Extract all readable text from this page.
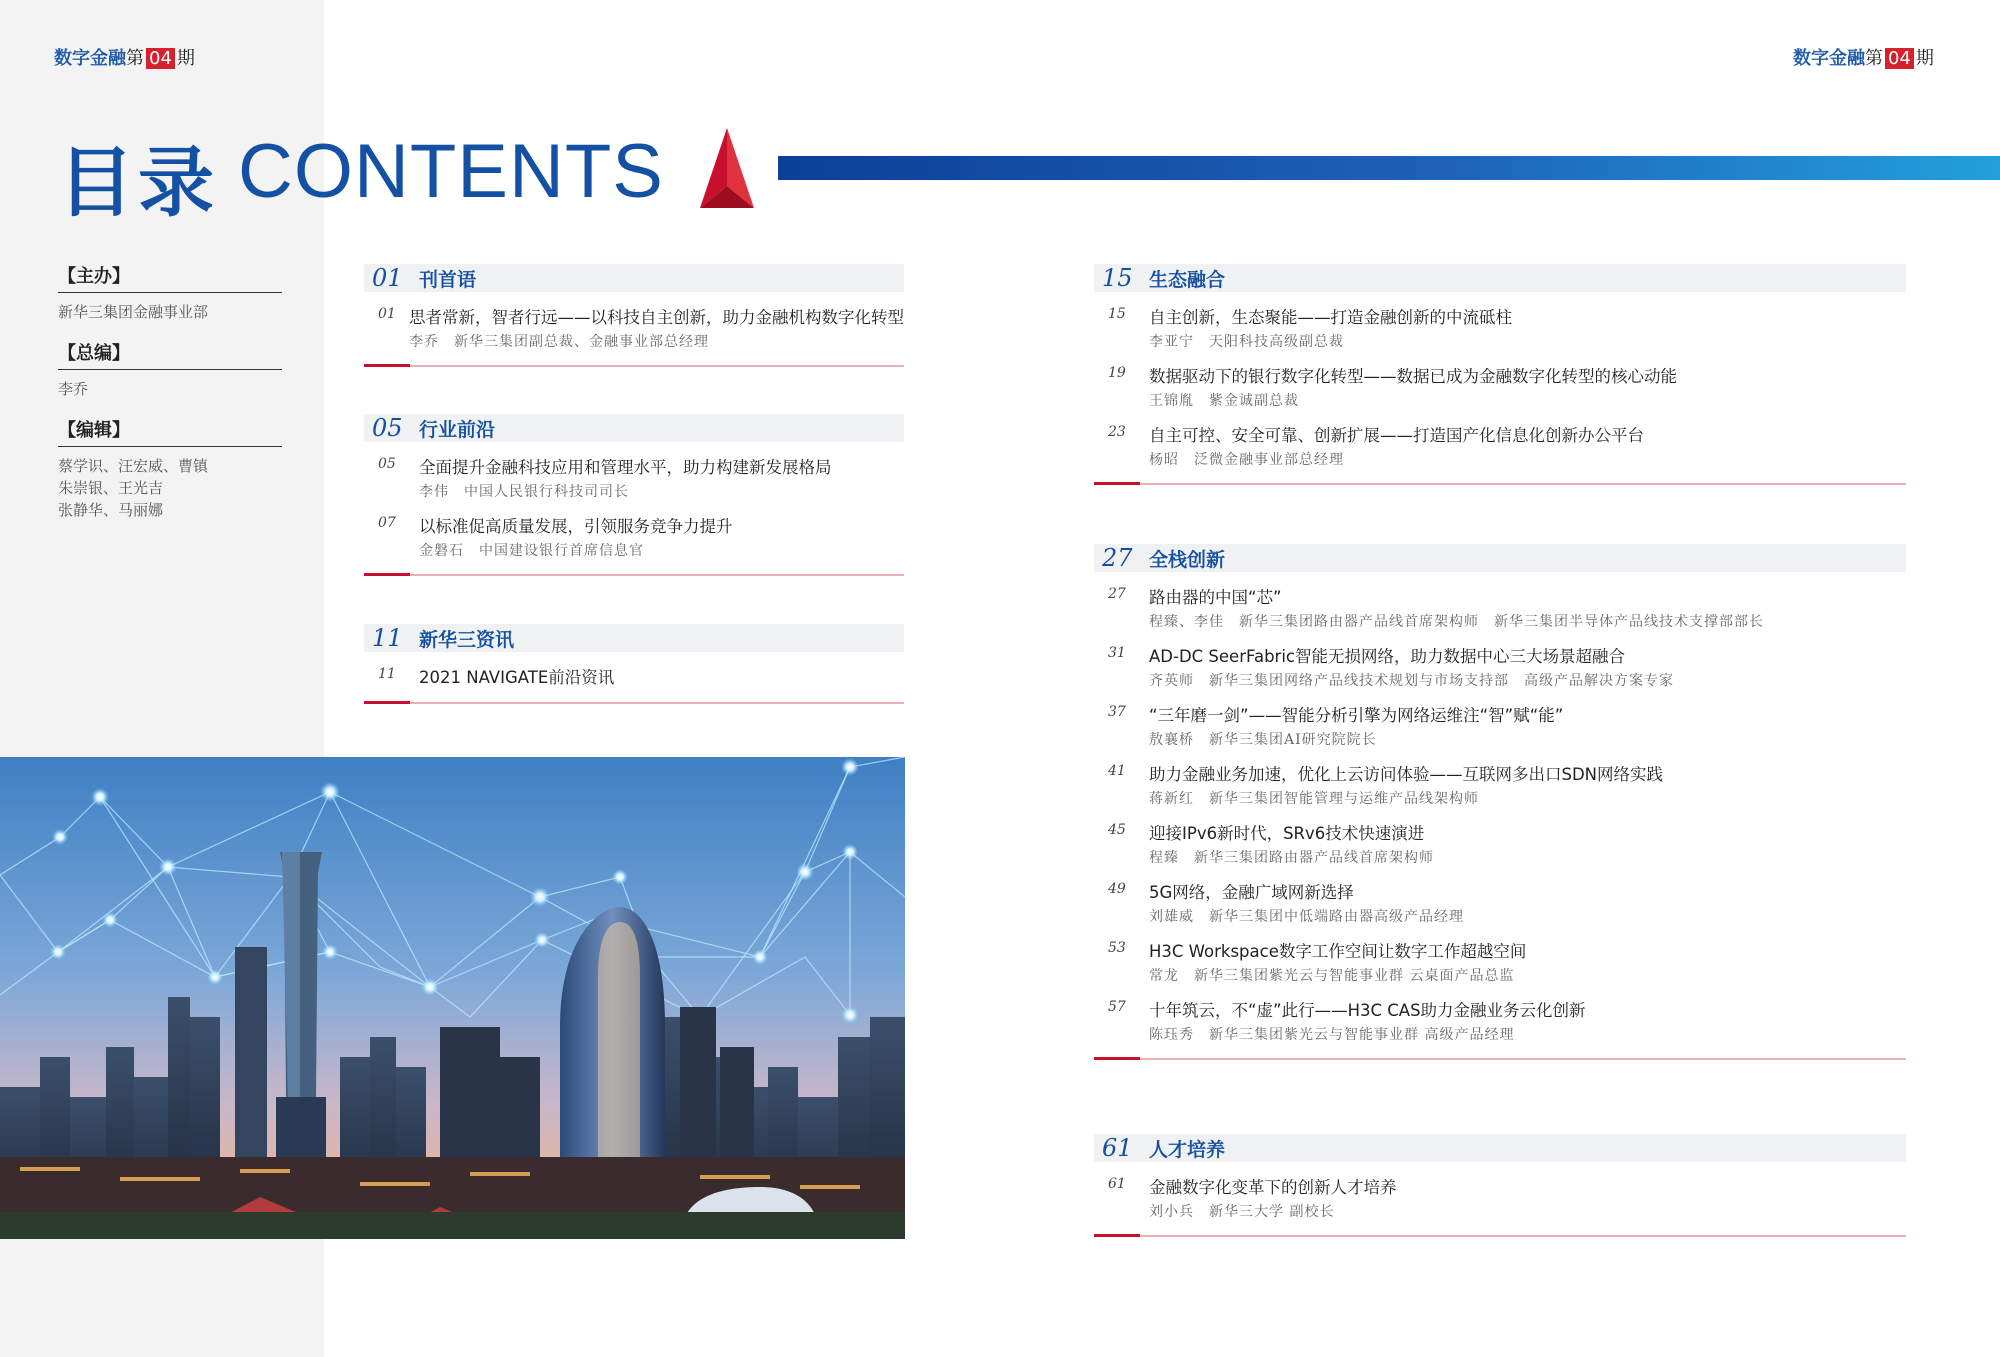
数字金融第 04 期	数字金融第 04 期
目录 CONTENTS
【主办】
新华三集团金融事业部
【总编】
李乔
【编辑】
蔡学识、汪宏威、曹镇
朱崇银、王光吉
张静华、马丽娜
01 刊首语
01 思者常新，智者行远——以科技自主创新，助力金融机构数字化转型
李乔　新华三集团副总裁、金融事业部总经理
05 行业前沿
05	全面提升金融科技应用和管理水平，助力构建新发展格局
李伟　中国人民银行科技司司长
07	以标准促高质量发展，引领服务竞争力提升
金磐石　中国建设银行首席信息官
11 新华三资讯
11	2021 NAVIGATE前沿资讯
15 生态融合
15	自主创新，生态聚能——打造金融创新的中流砥柱
李亚宁　天阳科技高级副总裁
19	数据驱动下的银行数字化转型——数据已成为金融数字化转型的核心动能
王锦胤　紫金诚副总裁
23	自主可控、安全可靠、创新扩展——打造国产化信息化创新办公平台
杨昭　泛微金融事业部总经理
27 全栈创新
27	路由器的中国“芯”
程臻、李佳　新华三集团路由器产品线首席架构师　新华三集团半导体产品线技术支撑部部长
31	AD-DC SeerFabric智能无损网络，助力数据中心三大场景超融合
齐英师　新华三集团网络产品线技术规划与市场支持部　高级产品解决方案专家
37	“三年磨一剑”——智能分析引擎为网络运维注“智”赋“能”
敖襄桥　新华三集团AI研究院院长
41	助力金融业务加速，优化上云访问体验——互联网多出口SDN网络实践
蒋新红　新华三集团智能管理与运维产品线架构师
45	迎接IPv6新时代，SRv6技术快速演进
程臻　新华三集团路由器产品线首席架构师
49	5G网络，金融广域网新选择
刘雄威　新华三集团中低端路由器高级产品经理
53	H3C Workspace数字工作空间让数字工作超越空间
常龙　新华三集团紫光云与智能事业群 云桌面产品总监
57	十年筑云，不“虚”此行——H3C CAS助力金融业务云化创新
陈珏秀　新华三集团紫光云与智能事业群 高级产品经理
61 人才培养
61	金融数字化变革下的创新人才培养
刘小兵　新华三大学 副校长
